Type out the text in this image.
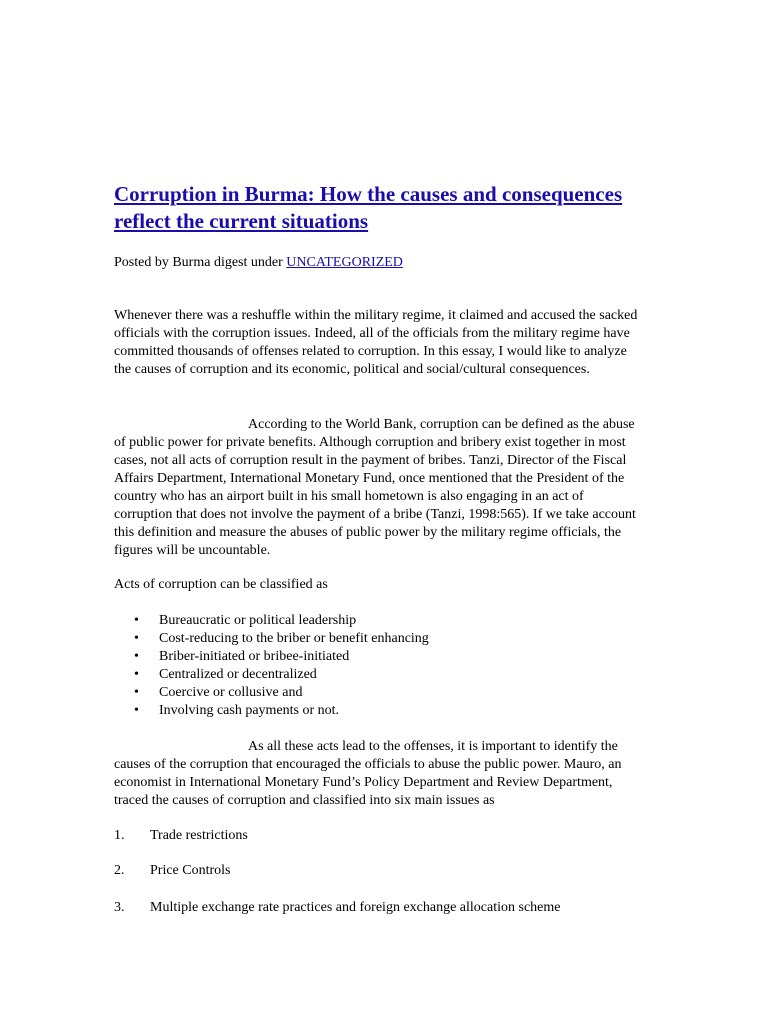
Corruption in Burma: How the causes and consequences reflect the current situations
Posted by Burma digest under UNCATEGORIZED

Whenever there was a reshuffle within the military regime, it claimed and accused the sacked officials with the corruption issues. Indeed, all of the officials from the military regime have committed thousands of offenses related to corruption. In this essay, I would like to analyze the causes of corruption and its economic, political and social/cultural consequences.

According to the World Bank, corruption can be defined as the abuse of public power for private benefits. Although corruption and bribery exist together in most cases, not all acts of corruption result in the payment of bribes. Tanzi, Director of the Fiscal Affairs Department, International Monetary Fund, once mentioned that the President of the country who has an airport built in his small hometown is also engaging in an act of corruption that does not involve the payment of a bribe (Tanzi, 1998:565). If we take account this definition and measure the abuses of public power by the military regime officials, the figures will be uncountable.

Acts of corruption can be classified as

• Bureaucratic or political leadership
• Cost-reducing to the briber or benefit enhancing
• Briber-initiated or bribee-initiated
• Centralized or decentralized
• Coercive or collusive and
• Involving cash payments or not.

As all these acts lead to the offenses, it is important to identify the causes of the corruption that encouraged the officials to abuse the public power. Mauro, an economist in International Monetary Fund’s Policy Department and Review Department, traced the causes of corruption and classified into six main issues as

1. Trade restrictions
2. Price Controls
3. Multiple exchange rate practices and foreign exchange allocation scheme
